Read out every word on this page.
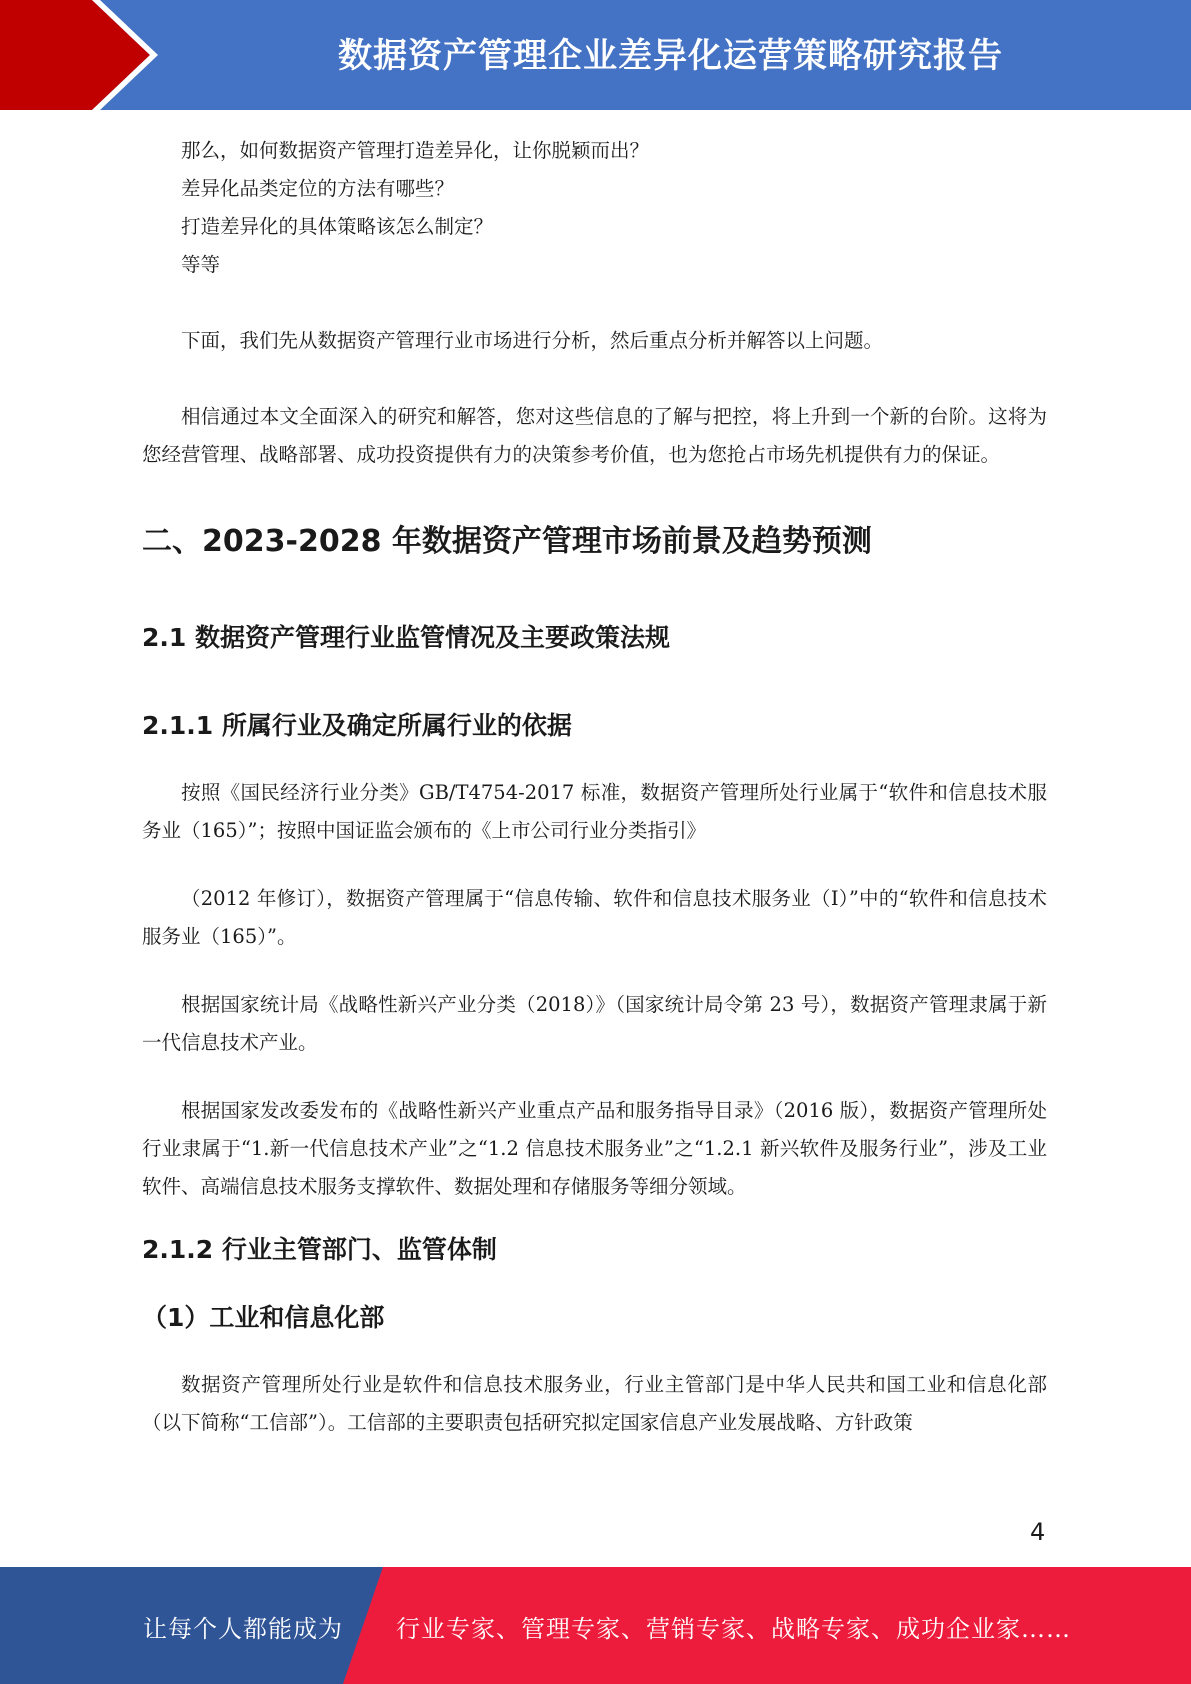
数据资产管理企业差异化运营策略研究报告

那么，如何数据资产管理打造差异化，让你脱颖而出？

差异化品类定位的方法有哪些？

打造差异化的具体策略该怎么制定？

等等

下面，我们先从数据资产管理行业市场进行分析，然后重点分析并解答以上问题。

相信通过本文全面深入的研究和解答，您对这些信息的了解与把控，将上升到一个新的台阶。这将为您经营管理、战略部署、成功投资提供有力的决策参考价值，也为您抢占市场先机提供有力的保证。

二、2023-2028 年数据资产管理市场前景及趋势预测
2.1 数据资产管理行业监管情况及主要政策法规
2.1.1 所属行业及确定所属行业的依据

按照《国民经济行业分类》GB/T4754-2017 标准，数据资产管理所处行业属于“软件和信息技术服务业（165）”；按照中国证监会颁布的《上市公司行业分类指引》

（2012 年修订），数据资产管理属于“信息传输、软件和信息技术服务业（I）”中的“软件和信息技术服务业（165）”。

根据国家统计局《战略性新兴产业分类（2018）》（国家统计局令第 23 号），数据资产管理隶属于新一代信息技术产业。

根据国家发改委发布的《战略性新兴产业重点产品和服务指导目录》（2016 版），数据资产管理所处行业隶属于“1.新一代信息技术产业”之“1.2 信息技术服务业”之“1.2.1 新兴软件及服务行业”，涉及工业软件、高端信息技术服务支撑软件、数据处理和存储服务等细分领域。

2.1.2 行业主管部门、监管体制
（1）工业和信息化部

数据资产管理所处行业是软件和信息技术服务业，行业主管部门是中华人民共和国工业和信息化部（以下简称“工信部”）。工信部的主要职责包括研究拟定国家信息产业发展战略、方针政策

4
让每个人都能成为 行业专家、管理专家、营销专家、战略专家、成功企业家……
